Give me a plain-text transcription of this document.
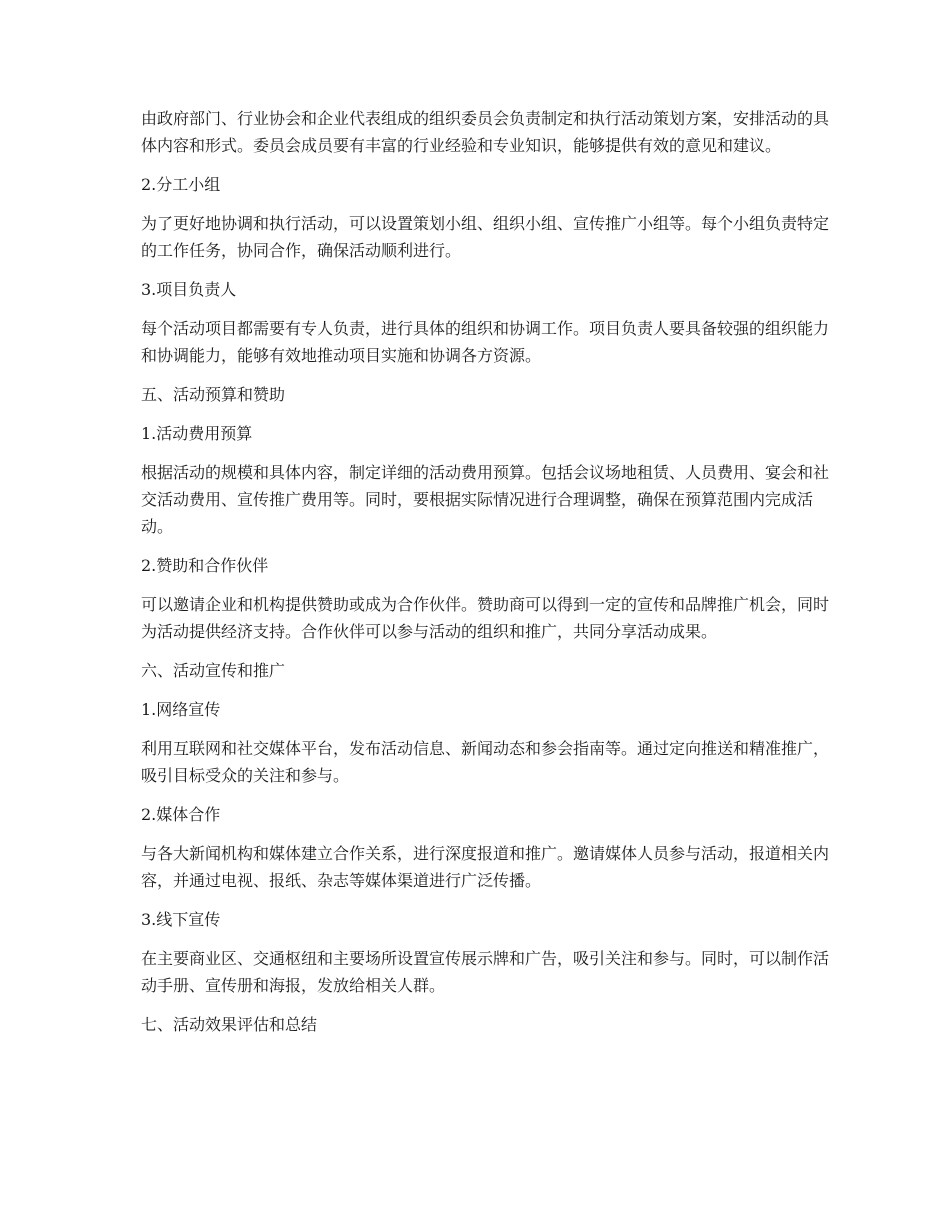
由政府部门、行业协会和企业代表组成的组织委员会负责制定和执行活动策划方案，安排活动的具体内容和形式。委员会成员要有丰富的行业经验和专业知识，能够提供有效的意见和建议。

2.分工小组

为了更好地协调和执行活动，可以设置策划小组、组织小组、宣传推广小组等。每个小组负责特定的工作任务，协同合作，确保活动顺利进行。

3.项目负责人

每个活动项目都需要有专人负责，进行具体的组织和协调工作。项目负责人要具备较强的组织能力和协调能力，能够有效地推动项目实施和协调各方资源。

五、活动预算和赞助

1.活动费用预算

根据活动的规模和具体内容，制定详细的活动费用预算。包括会议场地租赁、人员费用、宴会和社交活动费用、宣传推广费用等。同时，要根据实际情况进行合理调整，确保在预算范围内完成活动。

2.赞助和合作伙伴

可以邀请企业和机构提供赞助或成为合作伙伴。赞助商可以得到一定的宣传和品牌推广机会，同时为活动提供经济支持。合作伙伴可以参与活动的组织和推广，共同分享活动成果。

六、活动宣传和推广

1.网络宣传

利用互联网和社交媒体平台，发布活动信息、新闻动态和参会指南等。通过定向推送和精准推广，吸引目标受众的关注和参与。

2.媒体合作

与各大新闻机构和媒体建立合作关系，进行深度报道和推广。邀请媒体人员参与活动，报道相关内容，并通过电视、报纸、杂志等媒体渠道进行广泛传播。

3.线下宣传

在主要商业区、交通枢纽和主要场所设置宣传展示牌和广告，吸引关注和参与。同时，可以制作活动手册、宣传册和海报，发放给相关人群。

七、活动效果评估和总结
